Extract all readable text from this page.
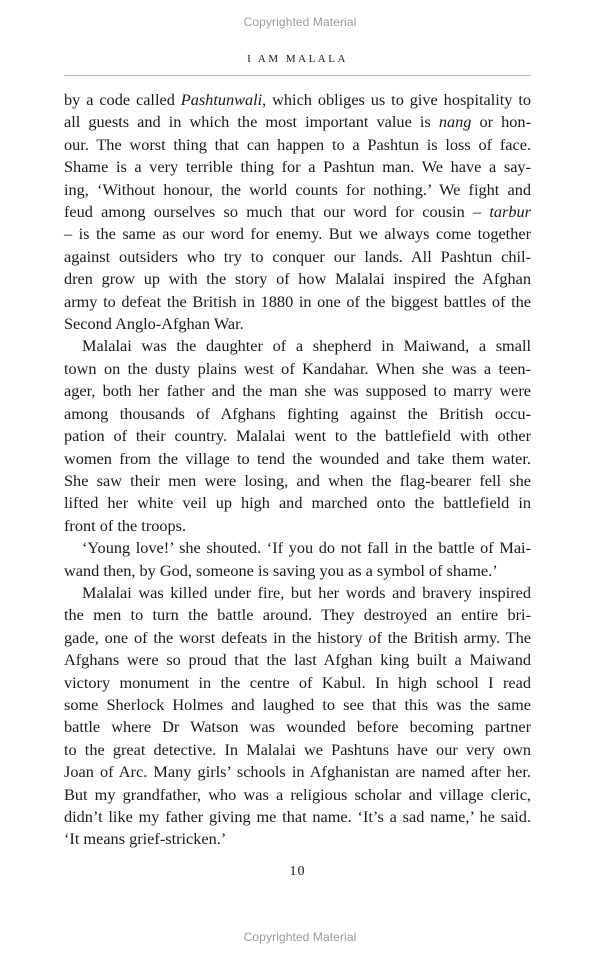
Copyrighted Material
I AM MALALA
by a code called Pashtunwali, which obliges us to give hospitality to
all guests and in which the most important value is nang or hon-
our. The worst thing that can happen to a Pashtun is loss of face.
Shame is a very terrible thing for a Pashtun man. We have a say-
ing, ‘Without honour, the world counts for nothing.’ We fight and
feud among ourselves so much that our word for cousin – tarbur
– is the same as our word for enemy. But we always come together
against outsiders who try to conquer our lands. All Pashtun chil-
dren grow up with the story of how Malalai inspired the Afghan
army to defeat the British in 1880 in one of the biggest battles of the
Second Anglo-Afghan War.
Malalai was the daughter of a shepherd in Maiwand, a small
town on the dusty plains west of Kandahar. When she was a teen-
ager, both her father and the man she was supposed to marry were
among thousands of Afghans fighting against the British occu-
pation of their country. Malalai went to the battlefield with other
women from the village to tend the wounded and take them water.
She saw their men were losing, and when the flag-bearer fell she
lifted her white veil up high and marched onto the battlefield in
front of the troops.
‘Young love!’ she shouted. ‘If you do not fall in the battle of Mai-
wand then, by God, someone is saving you as a symbol of shame.’
Malalai was killed under fire, but her words and bravery inspired
the men to turn the battle around. They destroyed an entire bri-
gade, one of the worst defeats in the history of the British army. The
Afghans were so proud that the last Afghan king built a Maiwand
victory monument in the centre of Kabul. In high school I read
some Sherlock Holmes and laughed to see that this was the same
battle where Dr Watson was wounded before becoming partner
to the great detective. In Malalai we Pashtuns have our very own
Joan of Arc. Many girls’ schools in Afghanistan are named after her.
But my grandfather, who was a religious scholar and village cleric,
didn’t like my father giving me that name. ‘It’s a sad name,’ he said.
‘It means grief-stricken.’
10
Copyrighted Material
